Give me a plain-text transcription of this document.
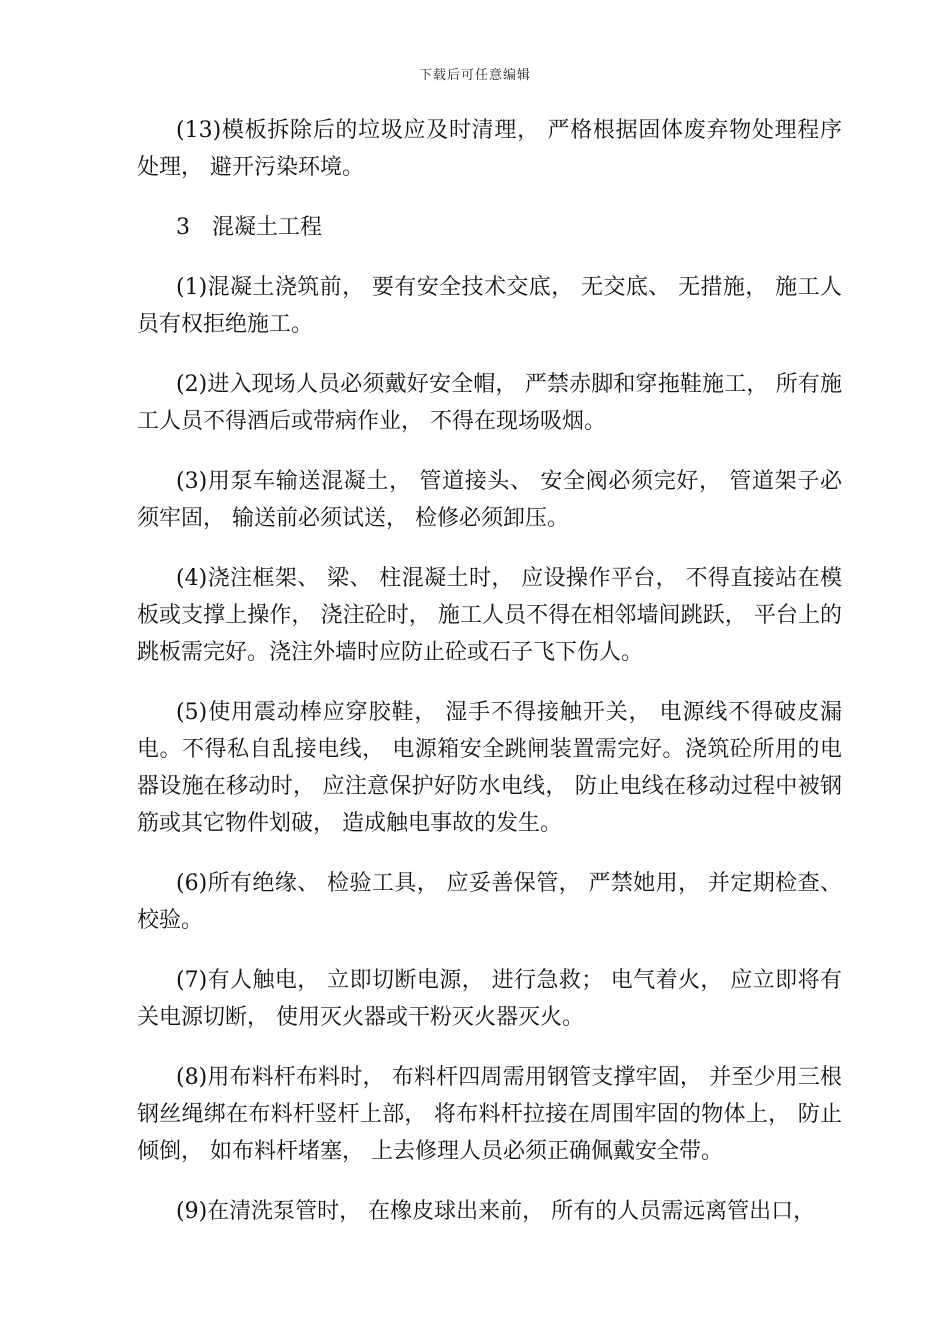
下载后可任意编辑

(13)模板拆除后的垃圾应及时清理， 严格根据固体废弃物处理程序处理， 避开污染环境。

3　混凝土工程

(1)混凝土浇筑前， 要有安全技术交底， 无交底、 无措施， 施工人员有权拒绝施工。

(2)进入现场人员必须戴好安全帽， 严禁赤脚和穿拖鞋施工， 所有施工人员不得酒后或带病作业， 不得在现场吸烟。

(3)用泵车输送混凝土， 管道接头、 安全阀必须完好， 管道架子必须牢固， 输送前必须试送， 检修必须卸压。

(4)浇注框架、 梁、 柱混凝土时， 应设操作平台， 不得直接站在模板或支撑上操作， 浇注砼时， 施工人员不得在相邻墙间跳跃， 平台上的跳板需完好。浇注外墙时应防止砼或石子飞下伤人。

(5)使用震动棒应穿胶鞋， 湿手不得接触开关， 电源线不得破皮漏电。不得私自乱接电线， 电源箱安全跳闸装置需完好。浇筑砼所用的电器设施在移动时， 应注意保护好防水电线， 防止电线在移动过程中被钢筋或其它物件划破， 造成触电事故的发生。

(6)所有绝缘、 检验工具， 应妥善保管， 严禁她用， 并定期检查、 校验。

(7)有人触电， 立即切断电源， 进行急救； 电气着火， 应立即将有关电源切断， 使用灭火器或干粉灭火器灭火。

(8)用布料杆布料时， 布料杆四周需用钢管支撑牢固， 并至少用三根钢丝绳绑在布料杆竖杆上部， 将布料杆拉接在周围牢固的物体上， 防止倾倒， 如布料杆堵塞， 上去修理人员必须正确佩戴安全带。

(9)在清洗泵管时， 在橡皮球出来前， 所有的人员需远离管出口，
